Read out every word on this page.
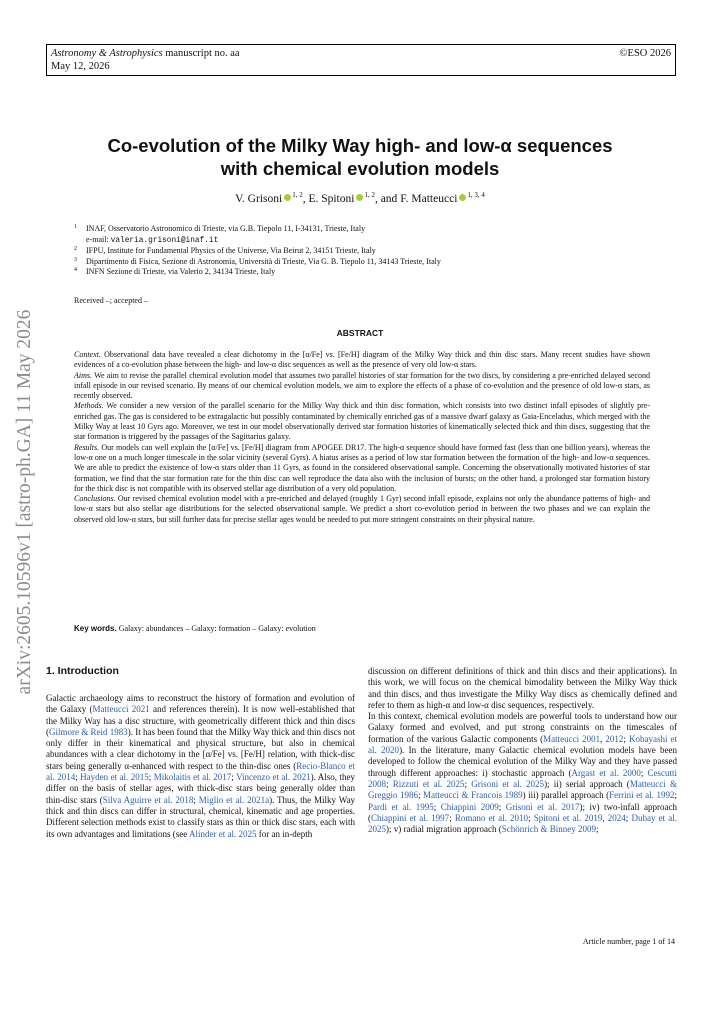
Astronomy & Astrophysics manuscript no. aa
May 12, 2026
©ESO 2026
arXiv:2605.10596v1 [astro-ph.GA] 11 May 2026
Co-evolution of the Milky Way high- and low-α sequences
with chemical evolution models
V. Grisoni $^{1, 2}$, E. Spitoni $^{1, 2}$, and F. Matteucci $^{1, 3, 4}$
1 INAF, Osservatorio Astronomico di Trieste, via G.B. Tiepolo 11, I-34131, Trieste, Italy
e-mail: valeria.grisoni@inaf.it
2 IFPU, Institute for Fundamental Physics of the Universe, Via Beirut 2, 34151 Trieste, Italy
3 Dipartimento di Fisica, Sezione di Astronomia, Università di Trieste, Via G. B. Tiepolo 11, 34143 Trieste, Italy
4 INFN Sezione di Trieste, via Valerio 2, 34134 Trieste, Italy
Received –; accepted –
ABSTRACT

Context. Observational data have revealed a clear dichotomy in the [α/Fe] vs. [Fe/H] diagram of the Milky Way thick and thin disc stars. Many recent studies have shown evidences of a co-evolution phase between the high- and low-α disc sequences as well as the presence of very old low-α stars.

Aims. We aim to revise the parallel chemical evolution model that assumes two parallel histories of star formation for the two discs, by considering a pre-enriched delayed second infall episode in our revised scenario. By means of our chemical evolution models, we aim to explore the effects of a phase of co-evolution and the presence of old low-α stars, as recently observed.

Methods. We consider a new version of the parallel scenario for the Milky Way thick and thin disc formation, which consists into two distinct infall episodes of slightly pre-enriched gas. The gas is considered to be extragalactic but possibly contaminated by chemically enriched gas of a massive dwarf galaxy as Gaia-Enceladus, which merged with the Milky Way at least 10 Gyrs ago. Moreover, we test in our model observationally derived star formation histories of kinematically selected thick and thin discs, suggesting that the star formation is triggered by the passages of the Sagittarius galaxy.

Results. Our models can well explain the [α/Fe] vs. [Fe/H] diagram from APOGEE DR17. The high-α sequence should have formed fast (less than one billion years), whereas the low-α one on a much longer timescale in the solar vicinity (several Gyrs). A hiatus arises as a period of low star formation between the formation of the high- and low-α sequences. We are able to predict the existence of low-α stars older than 11 Gyrs, as found in the considered observational sample. Concerning the observationally motivated histories of star formation, we find that the star formation rate for the thin disc can well reproduce the data also with the inclusion of bursts; on the other hand, a prolonged star formation history for the thick disc is not compatible with its observed stellar age distribution of a very old population.

Conclusions. Our revised chemical evolution model with a pre-enriched and delayed (roughly 1 Gyr) second infall episode, explains not only the abundance patterns of high- and low-α stars but also stellar age distributions for the selected observational sample. We predict a short co-evolution period in between the two phases and we can explain the observed old low-α stars, but still further data for precise stellar ages would be needed to put more stringent constraints on their physical nature.

Key words. Galaxy: abundances – Galaxy: formation – Galaxy: evolution
1. Introduction

Galactic archaeology aims to reconstruct the history of formation and evolution of the Galaxy (Matteucci 2021 and references therein). It is now well-established that the Milky Way has a disc structure, with geometrically different thick and thin discs (Gilmore & Reid 1983). It has been found that the Milky Way thick and thin discs not only differ in their kinematical and physical structure, but also in chemical abundances with a clear dichotomy in the [α/Fe] vs. [Fe/H] relation, with thick-disc stars being generally α-enhanced with respect to the thin-disc ones (Recio-Blanco et al. 2014; Hayden et al. 2015; Mikolaitis et al. 2017; Vincenzo et al. 2021). Also, they differ on the basis of stellar ages, with thick-disc stars being generally older than thin-disc stars (Silva Aguirre et al. 2018; Miglio et al. 2021a). Thus, the Milky Way thick and thin discs can differ in structural, chemical, kinematic and age properties. Different selection methods exist to classify stars as thin or thick disc stars, each with its own advantages and limitations (see Alinder et al. 2025 for an in-depth

discussion on different definitions of thick and thin discs and their applications). In this work, we will focus on the chemical bimodality between the Milky Way thick and thin discs, and thus investigate the Milky Way discs as chemically defined and refer to them as high-α and low-α disc sequences, respectively.

In this context, chemical evolution models are powerful tools to understand how our Galaxy formed and evolved, and put strong constraints on the timescales of formation of the various Galactic components (Matteucci 2001, 2012; Kobayashi et al. 2020). In the literature, many Galactic chemical evolution models have been developed to follow the chemical evolution of the Milky Way and they have passed through different approaches: i) stochastic approach (Argast et al. 2000; Cescutti 2008; Rizzuti et al. 2025; Grisoni et al. 2025); ii) serial approach (Matteucci & Greggio 1986; Matteucci & Francois 1989) iii) parallel approach (Ferrini et al. 1992; Pardi et al. 1995; Chiappini 2009; Grisoni et al. 2017); iv) two-infall approach (Chiappini et al. 1997; Romano et al. 2010; Spitoni et al. 2019, 2024; Dubay et al. 2025); v) radial migration approach (Schönrich & Binney 2009;

Article number, page 1 of 14
